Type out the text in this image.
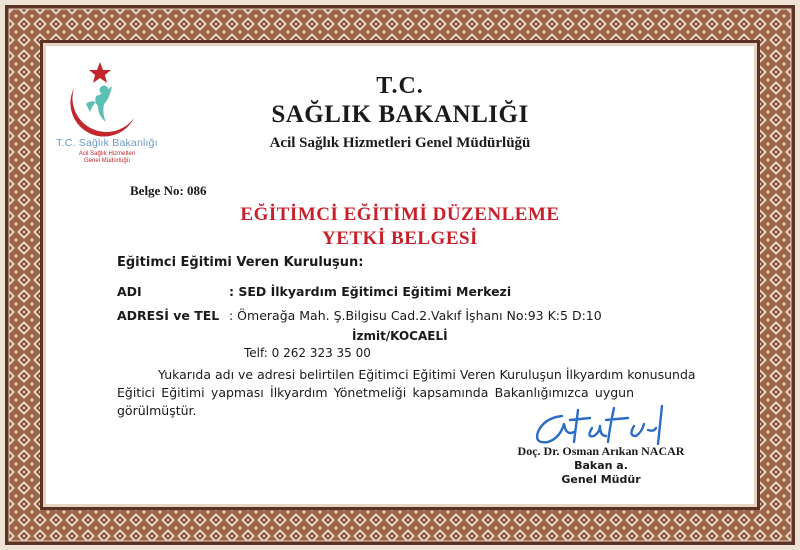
T.C. Sağlık Bakanlığı
Acil Sağlık Hizmetleri
Genel Müdürlüğü
T.C.
SAĞLIK BAKANLIĞI
Acil Sağlık Hizmetleri Genel Müdürlüğü
Belge No: 086
EĞİTİMCİ EĞİTİMİ DÜZENLEME
YETKİ BELGESİ
Eğitimci Eğitimi Veren Kuruluşun:
ADI	: SED İlkyardım Eğitimci Eğitimi Merkezi
ADRESİ ve TEL : Ömerağa Mah. Ş.Bilgisu Cad.2.Vakıf İşhanı No:93 K:5 D:10
İzmit/KOCAELİ
Telf: 0 262 323 35 00
Yukarıda adı ve adresi belirtilen Eğitimci Eğitimi Veren Kuruluşun İlkyardım konusunda
Eğitici Eğitimi yapması İlkyardım Yönetmeliği kapsamında Bakanlığımızca uygun
görülmüştür.
Doç. Dr. Osman Arıkan NACAR
Bakan a.
Genel Müdür
